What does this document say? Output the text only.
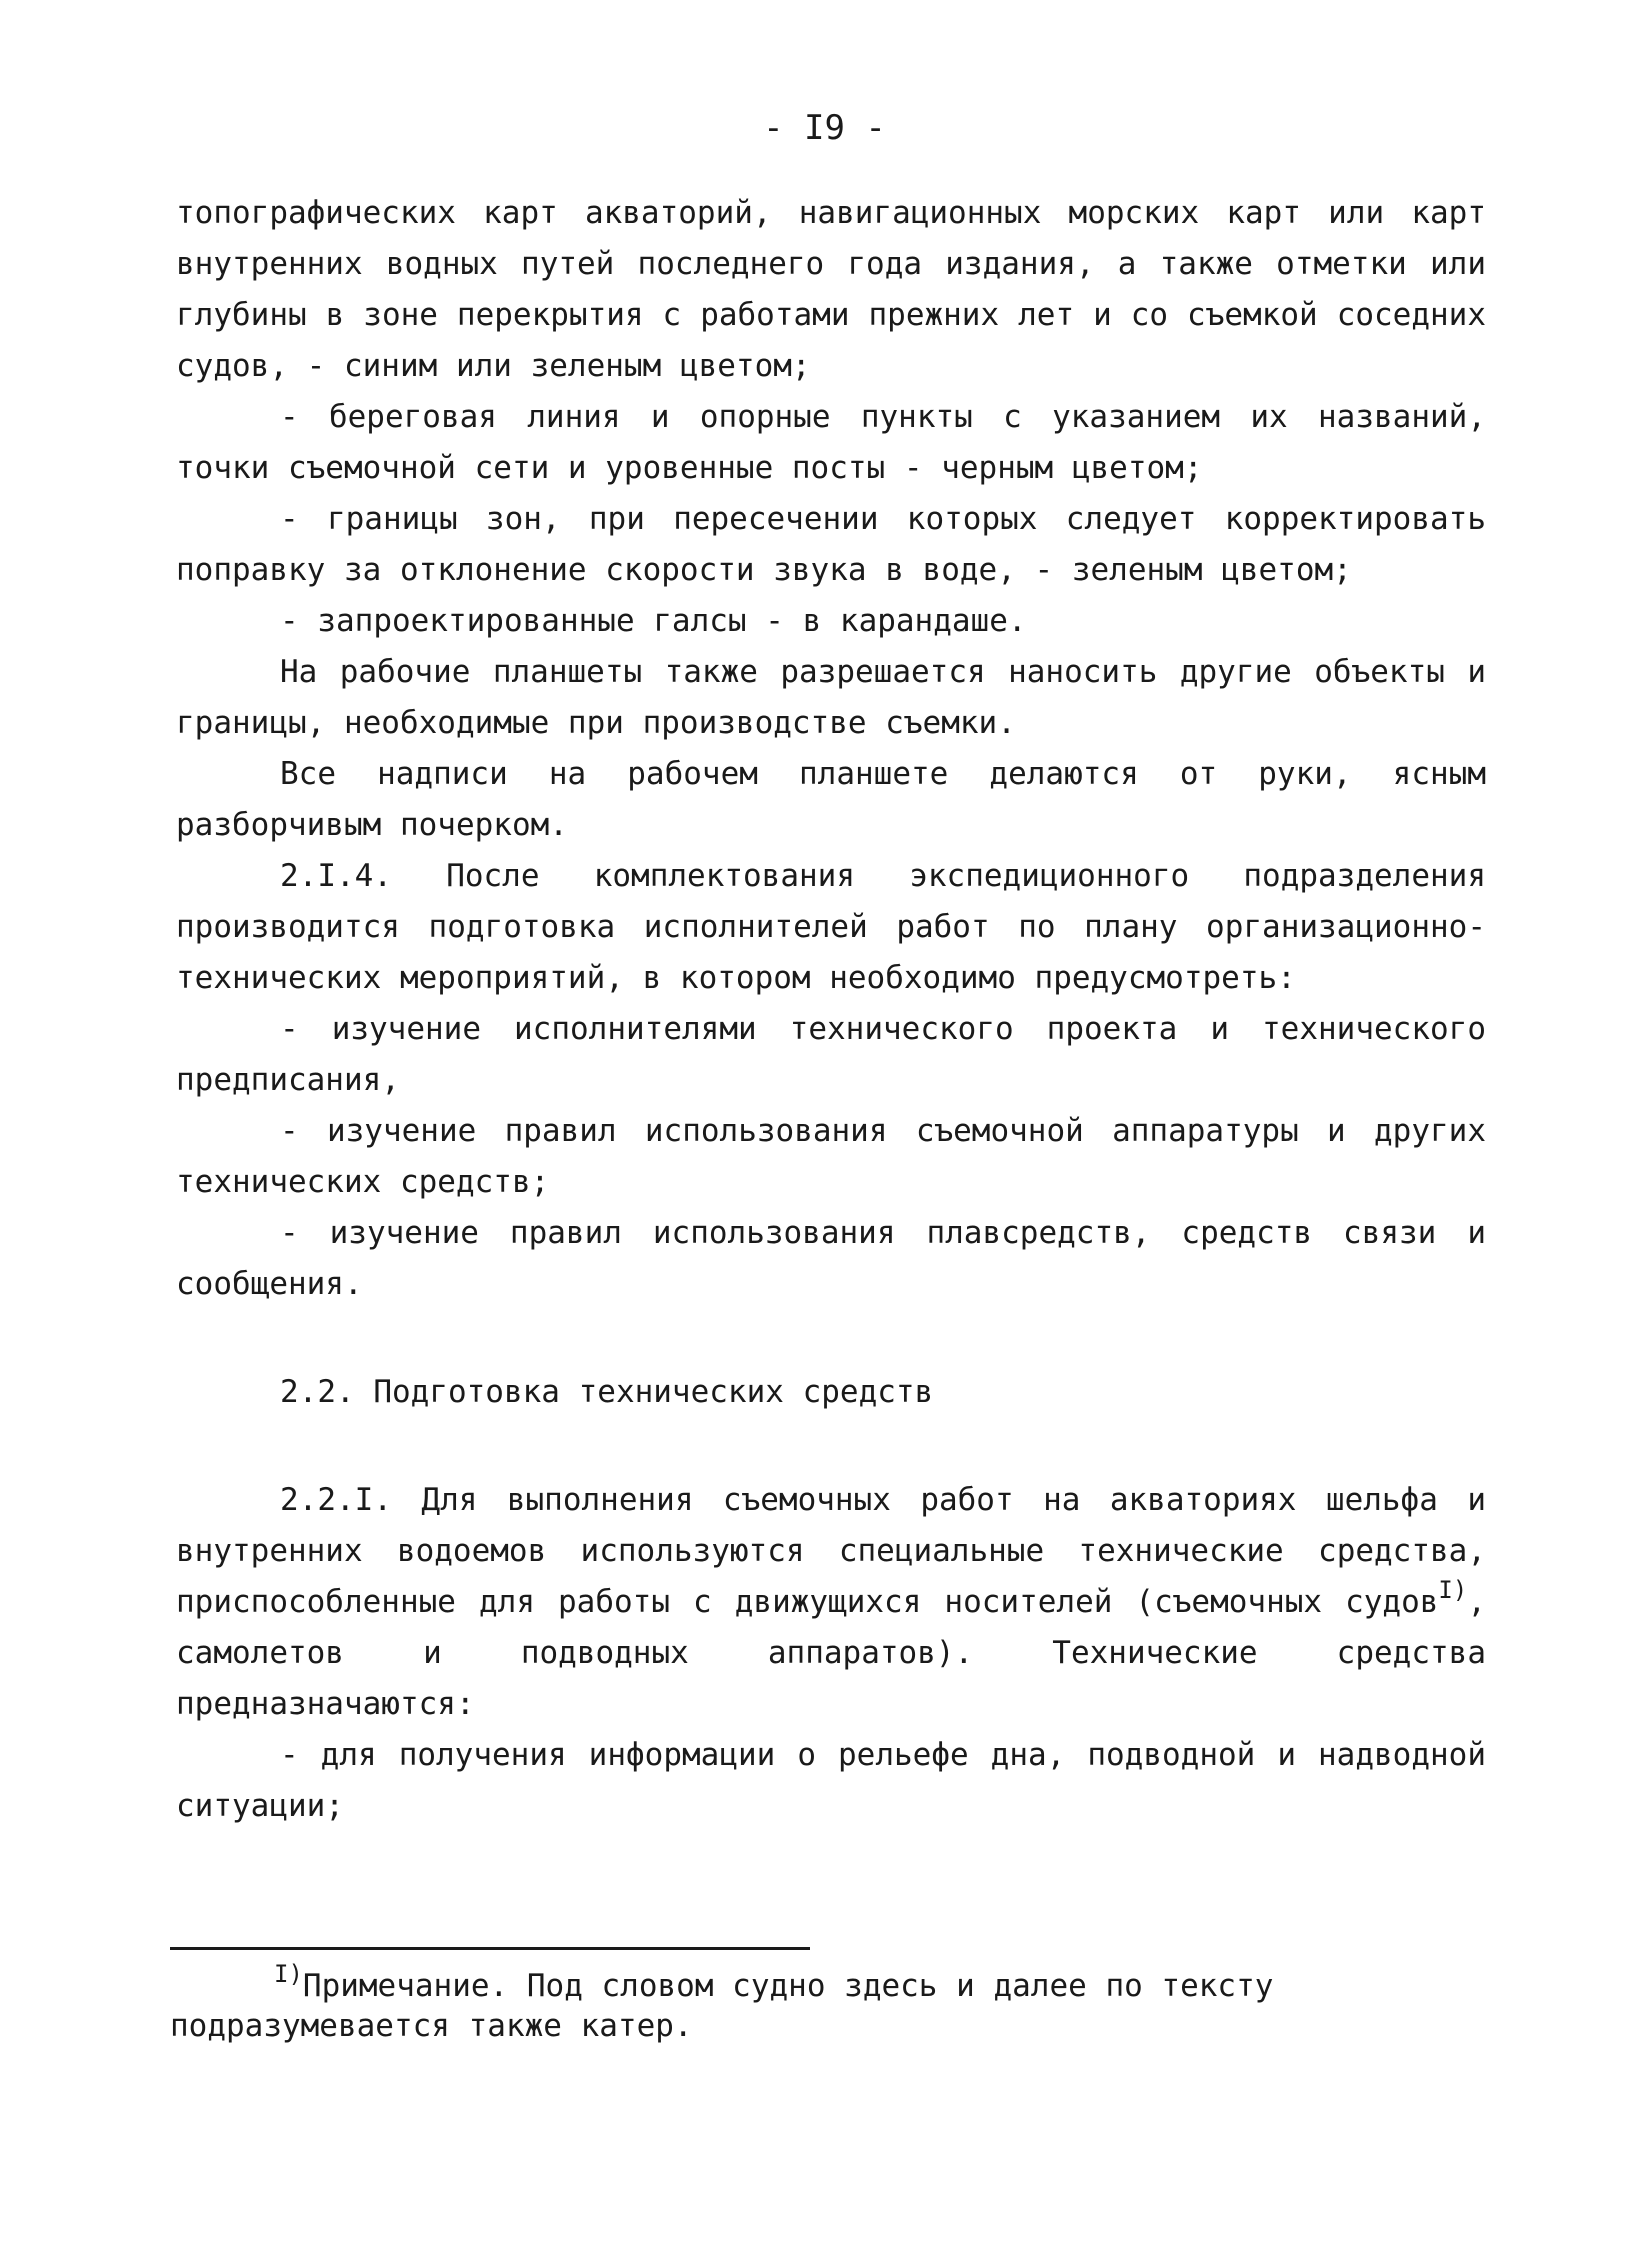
- I9 -

топографических карт акваторий, навигационных морских карт или карт внутренних водных путей последнего года издания, а также отметки или глубины в зоне перекрытия с работами прежних лет и со съемкой соседних судов, - синим или зеленым цветом;

- береговая линия и опорные пункты с указанием их названий, точки съемочной сети и уровенные посты - черным цветом;

- границы зон, при пересечении которых следует корректировать поправку за отклонение скорости звука в воде, - зеленым цветом;

- запроектированные галсы - в карандаше.

На рабочие планшеты также разрешается наносить другие объекты и границы, необходимые при производстве съемки.

Все надписи на рабочем планшете делаются от руки, ясным разборчивым почерком.

2.I.4. После комплектования экспедиционного подразделения производится подготовка исполнителей работ по плану организационно-технических мероприятий, в котором необходимо предусмотреть:

- изучение исполнителями технического проекта и технического предписания,

- изучение правил использования съемочной аппаратуры и других технических средств;

- изучение правил использования плавсредств, средств связи и сообщения.

2.2. Подготовка технических средств

2.2.I. Для выполнения съемочных работ на акваториях шельфа и внутренних водоемов используются специальные технические средства, приспособленные для работы с движущихся носителей (съемочных судов$^{I)}$, самолетов и подводных аппаратов). Технические средства предназначаются:

- для получения информации о рельефе дна, подводной и надводной ситуации;

$^{I)}$Примечание. Под словом судно здесь и далее по тексту подразумевается также катер.
